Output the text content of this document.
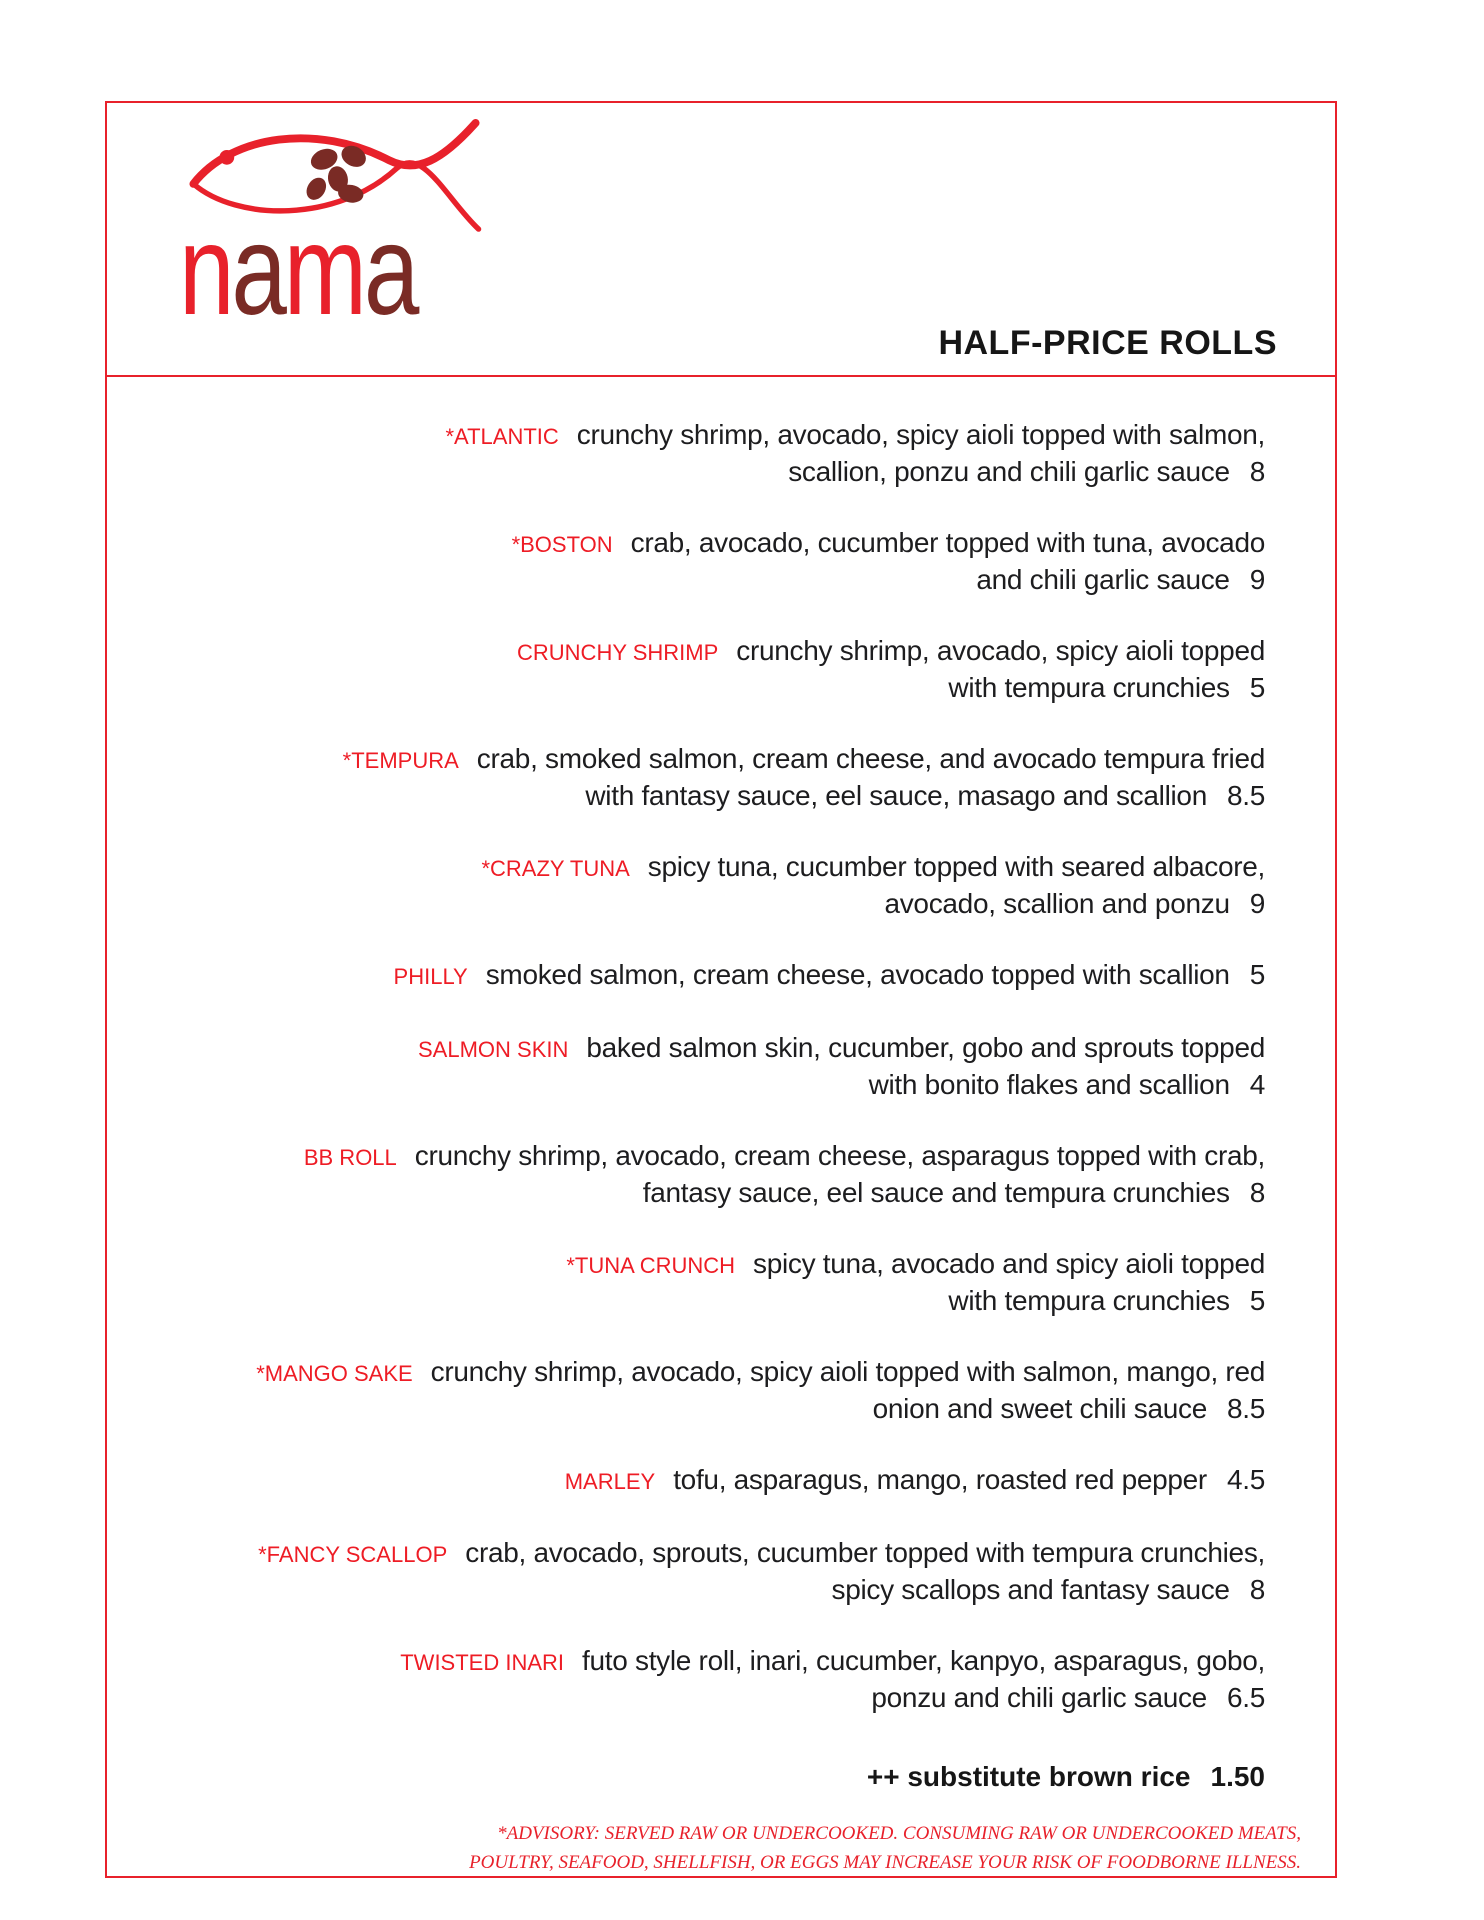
nama
HALF-PRICE ROLLS
*ATLANTIC crunchy shrimp, avocado, spicy aioli topped with salmon,
scallion, ponzu and chili garlic sauce 8
*BOSTON crab, avocado, cucumber topped with tuna, avocado
and chili garlic sauce 9
CRUNCHY SHRIMP crunchy shrimp, avocado, spicy aioli topped
with tempura crunchies 5
*TEMPURA crab, smoked salmon, cream cheese, and avocado tempura fried
with fantasy sauce, eel sauce, masago and scallion 8.5
*CRAZY TUNA spicy tuna, cucumber topped with seared albacore,
avocado, scallion and ponzu 9
PHILLY smoked salmon, cream cheese, avocado topped with scallion 5
SALMON SKIN baked salmon skin, cucumber, gobo and sprouts topped
with bonito flakes and scallion 4
BB ROLL crunchy shrimp, avocado, cream cheese, asparagus topped with crab,
fantasy sauce, eel sauce and tempura crunchies 8
*TUNA CRUNCH spicy tuna, avocado and spicy aioli topped
with tempura crunchies 5
*MANGO SAKE crunchy shrimp, avocado, spicy aioli topped with salmon, mango, red
onion and sweet chili sauce 8.5
MARLEY tofu, asparagus, mango, roasted red pepper 4.5
*FANCY SCALLOP crab, avocado, sprouts, cucumber topped with tempura crunchies,
spicy scallops and fantasy sauce 8
TWISTED INARI futo style roll, inari, cucumber, kanpyo, asparagus, gobo,
ponzu and chili garlic sauce 6.5
++ substitute brown rice 1.50
*ADVISORY: SERVED RAW OR UNDERCOOKED. CONSUMING RAW OR UNDERCOOKED MEATS,
POULTRY, SEAFOOD, SHELLFISH, OR EGGS MAY INCREASE YOUR RISK OF FOODBORNE ILLNESS.
